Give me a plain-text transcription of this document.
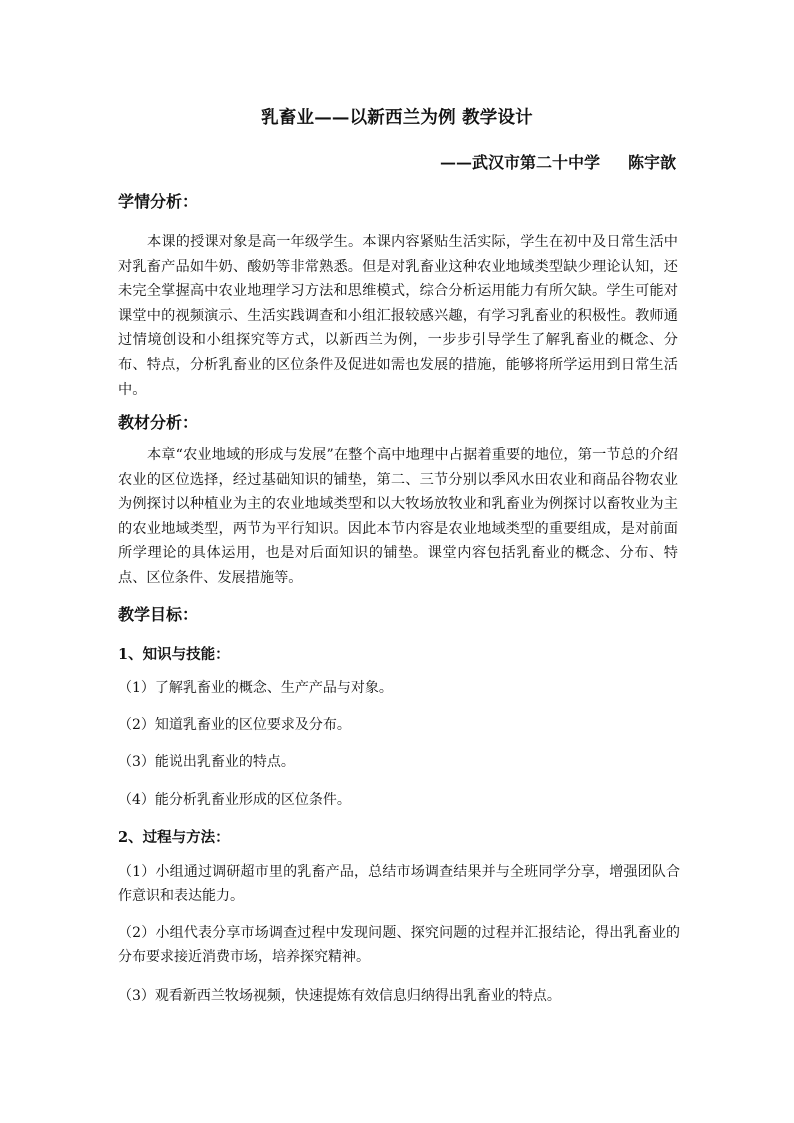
乳畜业——以新西兰为例 教学设计
——武汉市第二十中学 陈宇歆
学情分析：
本课的授课对象是高一年级学生。本课内容紧贴生活实际，学生在初中及日常生活中对乳畜产品如牛奶、酸奶等非常熟悉。但是对乳畜业这种农业地域类型缺少理论认知，还未完全掌握高中农业地理学习方法和思维模式，综合分析运用能力有所欠缺。学生可能对课堂中的视频演示、生活实践调查和小组汇报较感兴趣，有学习乳畜业的积极性。教师通过情境创设和小组探究等方式，以新西兰为例，一步步引导学生了解乳畜业的概念、分布、特点，分析乳畜业的区位条件及促进如需也发展的措施，能够将所学运用到日常生活中。
教材分析：
本章“农业地域的形成与发展”在整个高中地理中占据着重要的地位，第一节总的介绍农业的区位选择，经过基础知识的铺垫，第二、三节分别以季风水田农业和商品谷物农业为例探讨以种植业为主的农业地域类型和以大牧场放牧业和乳畜业为例探讨以畜牧业为主的农业地域类型，两节为平行知识。因此本节内容是农业地域类型的重要组成，是对前面所学理论的具体运用，也是对后面知识的铺垫。课堂内容包括乳畜业的概念、分布、特点、区位条件、发展措施等。
教学目标：
1、知识与技能：
（1）了解乳畜业的概念、生产产品与对象。
（2）知道乳畜业的区位要求及分布。
（3）能说出乳畜业的特点。
（4）能分析乳畜业形成的区位条件。
2、过程与方法：
（1）小组通过调研超市里的乳畜产品，总结市场调查结果并与全班同学分享，增强团队合作意识和表达能力。
（2）小组代表分享市场调查过程中发现问题、探究问题的过程并汇报结论，得出乳畜业的分布要求接近消费市场，培养探究精神。
（3）观看新西兰牧场视频，快速提炼有效信息归纳得出乳畜业的特点。
